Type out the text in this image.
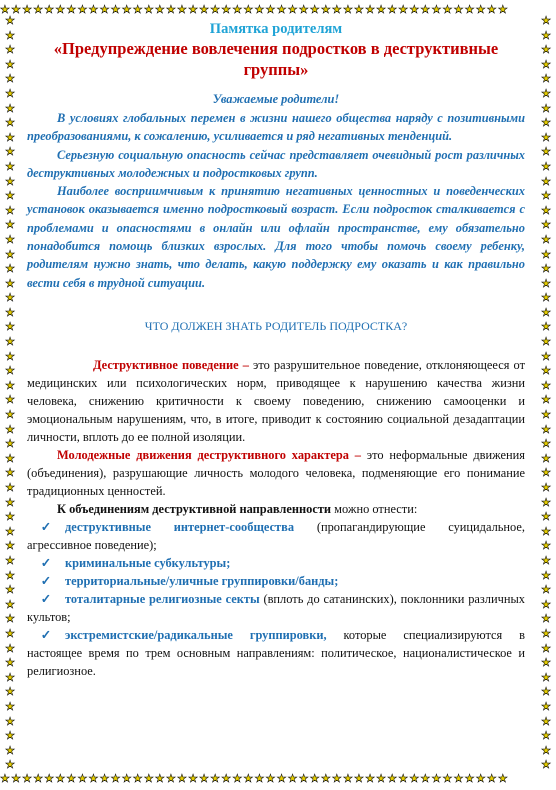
★★★★★★★★★★★★★★★★★★★★★★★★★★★★★★★★★★★★★★★★★★★★★★
★★★★★★★★★★★★★★★★★★★★★★★★★★★★★★★★★★★★★★★★★★★★★★
★
★
★
★
★
★
★
★
★
★
★
★
★
★
★
★
★
★
★
★
★
★
★
★
★
★
★
★
★
★
★
★
★
★
★
★
★
★
★
★
★
★
★
★
★
★
★
★
★
★
★
★

★
★
★
★
★
★
★
★
★
★
★
★
★
★
★
★
★
★
★
★
★
★
★
★
★
★
★
★
★
★
★
★
★
★
★
★
★
★
★
★
★
★
★
★
★
★
★
★
★
★
★
★

Памятка родителям

«Предупреждение вовлечения подростков в деструктивные группы»

Уважаемые родители!

В условиях глобальных перемен в жизни нашего общества наряду с позитивными преобразованиями, к сожалению, усиливается и ряд негативных тенденций.

Серьезную социальную опасность сейчас представляет очевидный рост различных деструктивных молодежных и подростковых групп.

Наиболее восприимчивым к принятию негативных ценностных и поведенческих установок оказывается именно подростковый возраст. Если подросток сталкивается с проблемами и опасностями в онлайн или офлайн пространстве, ему обязательно понадобится помощь близких взрослых. Для того чтобы помочь своему ребенку, родителям нужно знать, что делать, какую поддержку ему оказать и как правильно вести себя в трудной ситуации.

ЧТО ДОЛЖЕН ЗНАТЬ РОДИТЕЛЬ ПОДРОСТКА?

Деструктивное поведение – это разрушительное поведение, отклоняющееся от медицинских или психологических норм, приводящее к нарушению качества жизни человека, снижению критичности к своему поведению, снижению самооценки и эмоциональным нарушениям, что, в итоге, приводит к состоянию социальной дезадаптации личности, вплоть до ее полной изоляции.

Молодежные движения деструктивного характера – это неформальные движения (объединения), разрушающие личность молодого человека, подменяющие его понимание традиционных ценностей.

К объединениям деструктивной направленности можно отнести:

✓ деструктивные интернет-сообщества (пропагандирующие суицидальное, агрессивное поведение);

✓ криминальные субкультуры;

✓ территориальные/уличные группировки/банды;

✓ тоталитарные религиозные секты (вплоть до сатанинских), поклонники различных культов;

✓ экстремистские/радикальные группировки, которые специализируются в настоящее время по трем основным направлениям: политическое, националистическое и религиозное.
